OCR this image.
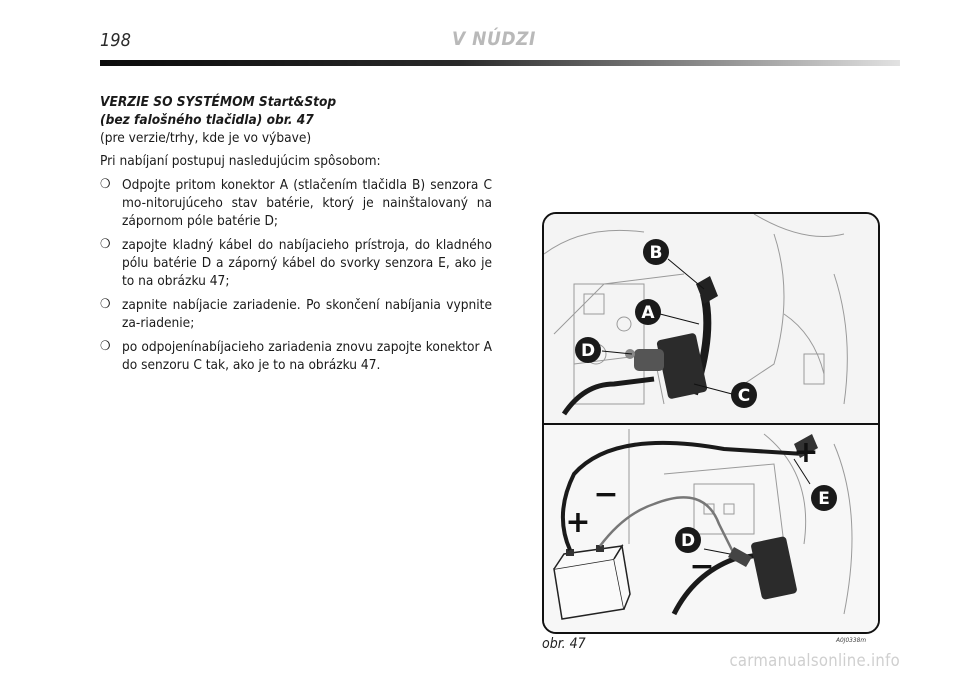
198	V NÚDZI

VERZIE SO SYSTÉMOM Start&Stop

(bez falošného tlačidla) obr. 47

(pre verzie/trhy, kde je vo výbave)

Pri nabíjaní postupuj nasledujúcim spôsobom:

❍ Odpojte pritom konektor A (stlačením tlačidla B) senzora C mo-nitorujúceho stav batérie, ktorý je nainštalovaný na zápornom póle batérie D;
❍ zapojte kladný kábel do nabíjacieho prístroja, do kladného pólu batérie D a záporný kábel do svorky senzora E, ako je to na obrázku 47;
❍ zapnite nabíjacie zariadenie. Po skončení nabíjania vypnite za-riadenie;
❍ po odpojenínabíjacieho zariadenia znovu zapojte konektor A do senzoru C tak, ako je to na obrázku 47.
B
A
D
C
E
D
+
−
+
−
obr. 47	A0J0338m
carmanualsonline.info
